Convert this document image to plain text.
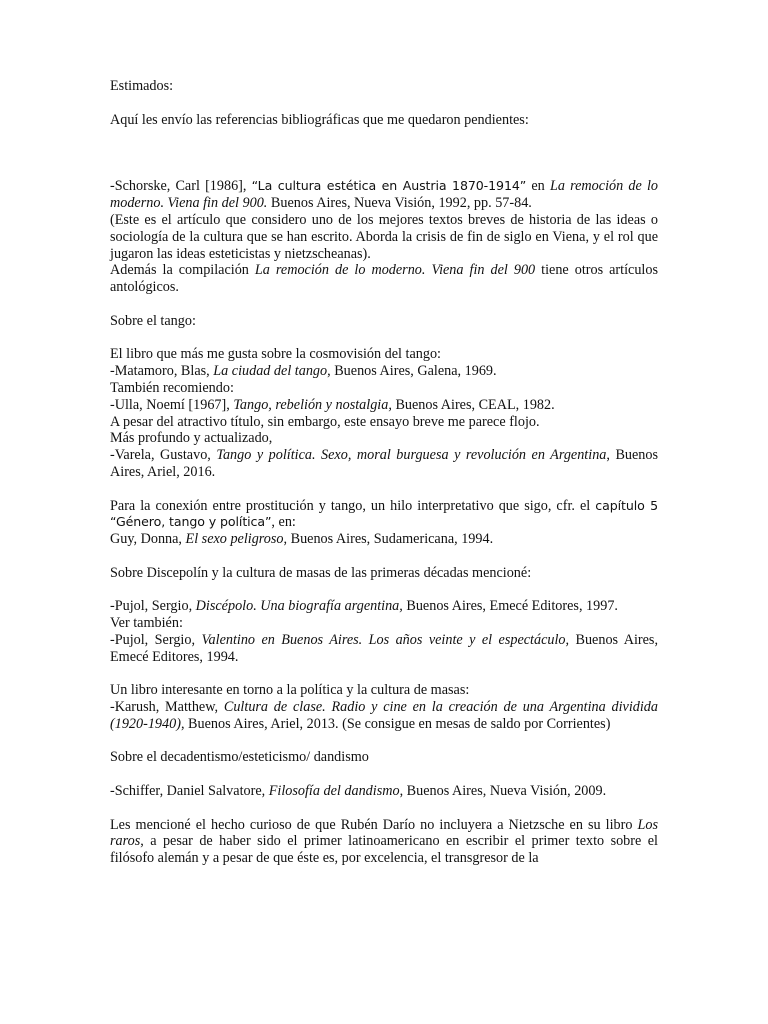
Estimados:

Aquí les envío las referencias bibliográficas que me quedaron pendientes:

-Schorske, Carl [1986], “La cultura estética en Austria 1870-1914” en La remoción de lo moderno. Viena fin del 900. Buenos Aires, Nueva Visión, 1992, pp. 57-84.

(Este es el artículo que considero uno de los mejores textos breves de historia de las ideas o sociología de la cultura que se han escrito. Aborda la crisis de fin de siglo en Viena, y el rol que jugaron las ideas esteticistas y nietzscheanas).

Además la compilación La remoción de lo moderno. Viena fin del 900 tiene otros artículos antológicos.

Sobre el tango:

El libro que más me gusta sobre la cosmovisión del tango:

-Matamoro, Blas, La ciudad del tango, Buenos Aires, Galena, 1969.

También recomiendo:

-Ulla, Noemí [1967], Tango, rebelión y nostalgia, Buenos Aires, CEAL, 1982.

A pesar del atractivo título, sin embargo, este ensayo breve me parece flojo.

Más profundo y actualizado,

-Varela, Gustavo, Tango y política. Sexo, moral burguesa y revolución en Argentina, Buenos Aires, Ariel, 2016.

Para la conexión entre prostitución y tango, un hilo interpretativo que sigo, cfr. el capítulo 5 “Género, tango y política”, en:

Guy, Donna, El sexo peligroso, Buenos Aires, Sudamericana, 1994.

Sobre Discepolín y la cultura de masas de las primeras décadas mencioné:

-Pujol, Sergio, Discépolo. Una biografía argentina, Buenos Aires, Emecé Editores, 1997.

Ver también:

-Pujol, Sergio, Valentino en Buenos Aires. Los años veinte y el espectáculo, Buenos Aires, Emecé Editores, 1994.

Un libro interesante en torno a la política y la cultura de masas:

-Karush, Matthew, Cultura de clase. Radio y cine en la creación de una Argentina dividida (1920-1940), Buenos Aires, Ariel, 2013. (Se consigue en mesas de saldo por Corrientes)

Sobre el decadentismo/esteticismo/ dandismo

-Schiffer, Daniel Salvatore, Filosofía del dandismo, Buenos Aires, Nueva Visión, 2009.

Les mencioné el hecho curioso de que Rubén Darío no incluyera a Nietzsche en su libro Los raros, a pesar de haber sido el primer latinoamericano en escribir el primer texto sobre el filósofo alemán y a pesar de que éste es, por excelencia, el transgresor de la
